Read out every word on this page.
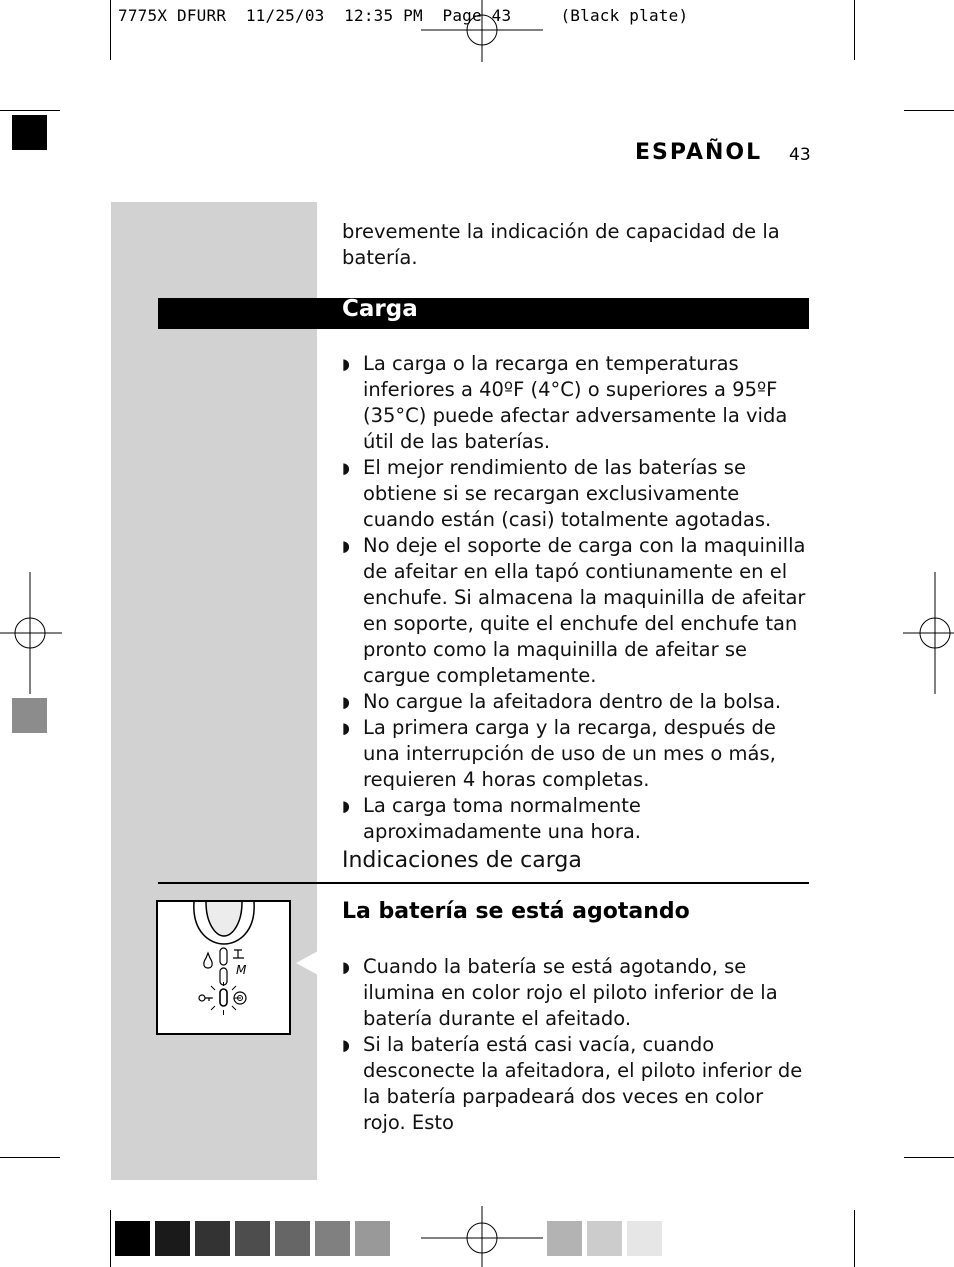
7775X DFURR  11/25/03  12:35 PM  Page 43     (Black plate)
ESPAÑOL 43
brevemente la indicación de capacidad de la batería.
Carga
◗ La carga o la recarga en temperaturas inferiores a 40ºF (4°C) o superiores a 95ºF (35°C) puede afectar adversamente la vida útil de las baterías.
◗ El mejor rendimiento de las baterías se obtiene si se recargan exclusivamente cuando están (casi) totalmente agotadas.
◗ No deje el soporte de carga con la maquinilla de afeitar en ella tapó contiunamente en el enchufe. Si almacena la maquinilla de afeitar en soporte, quite el enchufe del enchufe tan pronto como la maquinilla de afeitar se cargue completamente.
◗ No cargue la afeitadora dentro de la bolsa.
◗ La primera carga y la recarga, después de una interrupción de uso de un mes o más, requieren 4 horas completas.
◗ La carga toma normalmente aproximadamente una hora.
Indicaciones de carga
M
La batería se está agotando
◗ Cuando la batería se está agotando, se ilumina en color rojo el piloto inferior de la batería durante el afeitado.
◗ Si la batería está casi vacía, cuando desconecte la afeitadora, el piloto inferior de la batería parpadeará dos veces en color rojo. Esto
